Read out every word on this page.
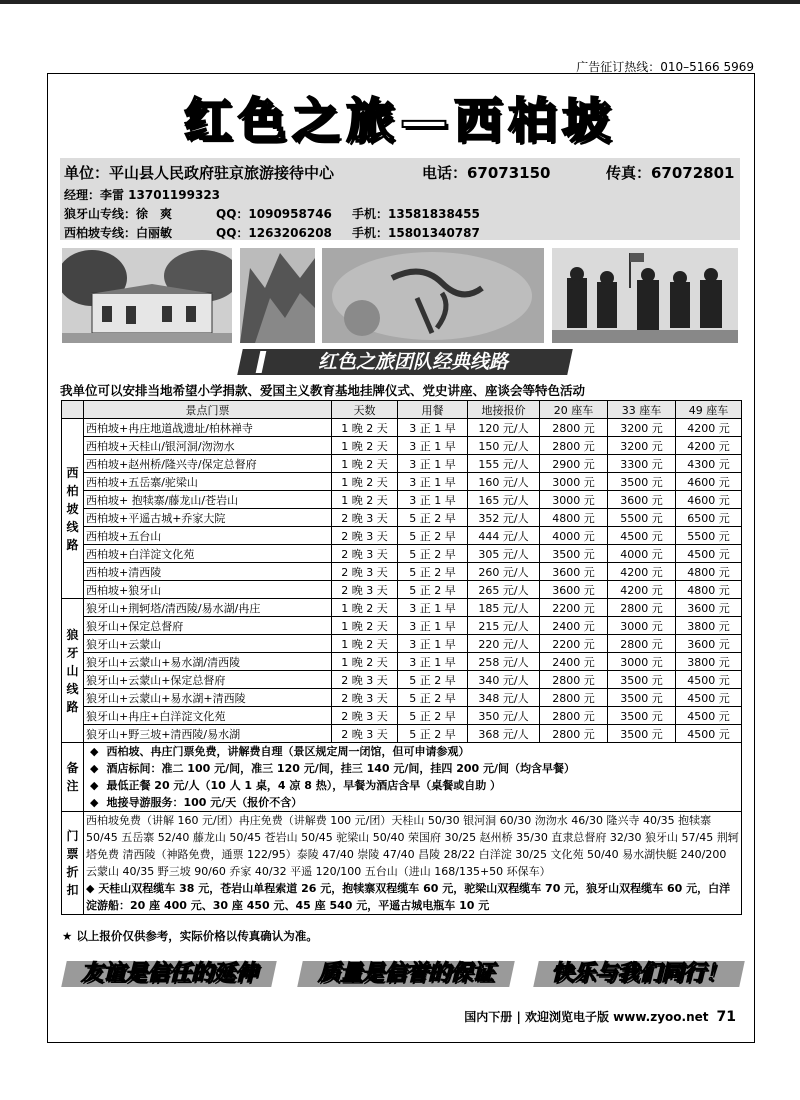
广告征订热线：010–5166 5969
红色之旅—西柏坡
单位：平山县人民政府驻京旅游接待中心	电话：67073150	传真：67072801
经理：李雷 13701199323
狼牙山专线：徐　爽	QQ：1090958746 手机：13581838455
西柏坡专线：白丽敏	QQ：1263206208 手机：15801340787
红色之旅团队经典线路
我单位可以安排当地希望小学捐款、爱国主义教育基地挂牌仪式、党史讲座、座谈会等特色活动
	景点门票	天数	用餐	地接报价	20 座车	33 座车	49 座车

西柏坡线路	西柏坡+冉庄地道战遗址/柏林禅寺	1 晚 2 天	3 正 1 早	120 元/人	2800 元	3200 元	4200 元
	西柏坡+天桂山/银河洞/沕沕水	1 晚 2 天	3 正 1 早	150 元/人	2800 元	3200 元	4200 元
	西柏坡+赵州桥/隆兴寺/保定总督府	1 晚 2 天	3 正 1 早	155 元/人	2900 元	3300 元	4300 元
	西柏坡+五岳寨/驼梁山	1 晚 2 天	3 正 1 早	160 元/人	3000 元	3500 元	4600 元
	西柏坡+ 抱犊寨/藤龙山/苍岩山	1 晚 2 天	3 正 1 早	165 元/人	3000 元	3600 元	4600 元
	西柏坡+平遥古城+乔家大院	2 晚 3 天	5 正 2 早	352 元/人	4800 元	5500 元	6500 元
	西柏坡+五台山	2 晚 3 天	5 正 2 早	444 元/人	4000 元	4500 元	5500 元
	西柏坡+白洋淀文化苑	2 晚 3 天	5 正 2 早	305 元/人	3500 元	4000 元	4500 元
	西柏坡+清西陵	2 晚 3 天	5 正 2 早	260 元/人	3600 元	4200 元	4800 元
	西柏坡+狼牙山	2 晚 3 天	5 正 2 早	265 元/人	3600 元	4200 元	4800 元

狼牙山线路	狼牙山+荆轲塔/清西陵/易水湖/冉庄	1 晚 2 天	3 正 1 早	185 元/人	2200 元	2800 元	3600 元
	狼牙山+保定总督府	1 晚 2 天	3 正 1 早	215 元/人	2400 元	3000 元	3800 元
	狼牙山+云蒙山	1 晚 2 天	3 正 1 早	220 元/人	2200 元	2800 元	3600 元
	狼牙山+云蒙山+易水湖/清西陵	1 晚 2 天	3 正 1 早	258 元/人	2400 元	3000 元	3800 元
	狼牙山+云蒙山+保定总督府	2 晚 3 天	5 正 2 早	340 元/人	2800 元	3500 元	4500 元
	狼牙山+云蒙山+易水湖+清西陵	2 晚 3 天	5 正 2 早	348 元/人	2800 元	3500 元	4500 元
	狼牙山+冉庄+白洋淀文化苑	2 晚 3 天	5 正 2 早	350 元/人	2800 元	3500 元	4500 元
	狼牙山+野三坡+清西陵/易水湖	2 晚 3 天	5 正 2 早	368 元/人	2800 元	3500 元	4500 元

备注	◆ 西柏坡、冉庄门票免费，讲解费自理（景区规定周一闭馆，但可申请参观）
◆ 酒店标间：准二 100 元/间，准三 120 元/间，挂三 140 元/间，挂四 200 元/间（均含早餐）
◆ 最低正餐 20 元/人（10 人 1 桌，4 凉 8 热），早餐为酒店含早（桌餐或自助 ）
◆ 地接导游服务：100 元/天（报价不含）						

门票折扣	西柏坡免费（讲解 160 元/团）冉庄免费（讲解费 100 元/团）天桂山 50/30 银河洞 60/30 沕沕水 46/30 隆兴寺 40/35 抱犊寨 50/45 五岳寨 52/40 藤龙山 50/45 苍岩山 50/45 驼梁山 50/40 荣国府 30/25 赵州桥 35/30 直隶总督府 32/30 狼牙山 57/45 荆轲塔免费 清西陵（神路免费，通票 122/95）泰陵 47/40 崇陵 47/40 昌陵 28/22 白洋淀 30/25 文化苑 50/40 易水湖快艇 240/200 云蒙山 40/35 野三坡 90/60 乔家 40/32 平遥 120/100 五台山（进山 168/135+50 环保车）
◆ 天桂山双程缆车 38 元，苍岩山单程索道 26 元，抱犊寨双程缆车 60 元，驼梁山双程缆车 70 元，狼牙山双程缆车 60 元，白洋淀游船：20 座 400 元、30 座 450 元、45 座 540 元，平遥古城电瓶车 10 元						
★ 以上报价仅供参考，实际价格以传真确认为准。
友谊是信任的延伸	质量是信誉的保证	快乐与我们同行！
国内下册 | 欢迎浏览电子版 www.zyoo.net 71
